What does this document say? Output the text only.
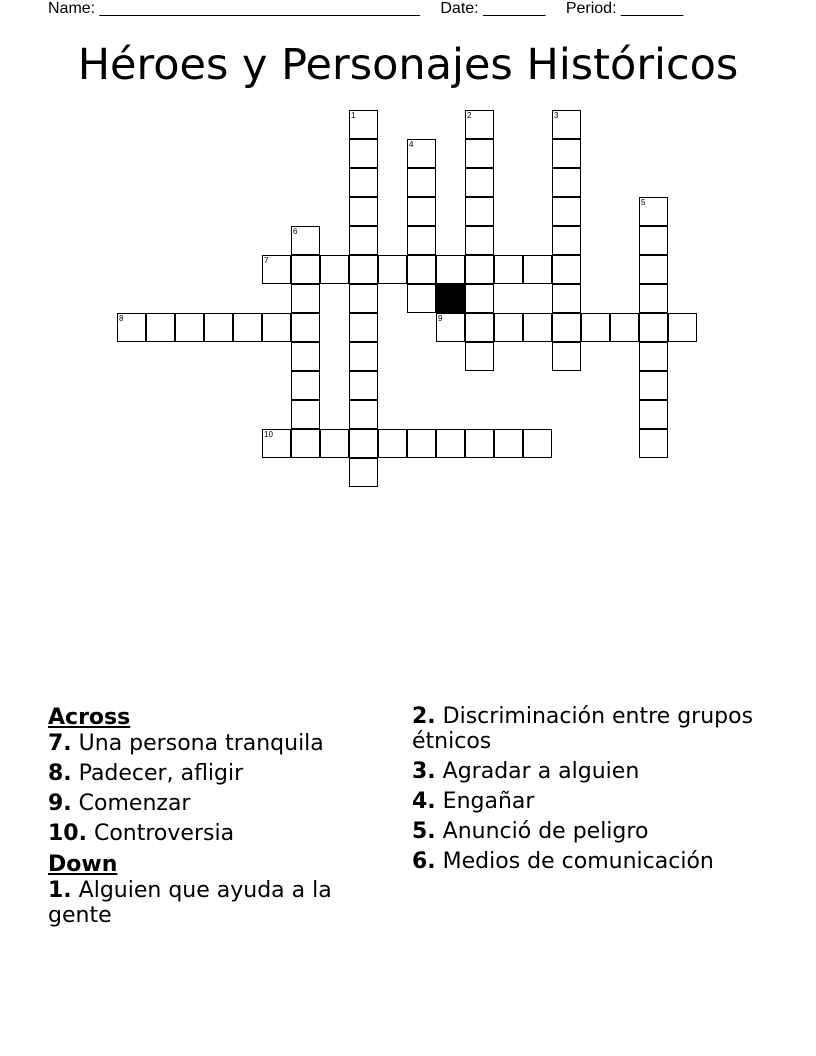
Name: ____________________________________ Date: _______ Period: _______
Héroes y Personajes Históricos
1	2	3
4
5
6
7
8	9
10

Across

7. Una persona tranquila

8. Padecer, afligir

9. Comenzar

10. Controversia

Down

1. Alguien que ayuda a la gente

2. Discriminación entre grupos étnicos

3. Agradar a alguien

4. Engañar

5. Anunció de peligro

6. Medios de comunicación
